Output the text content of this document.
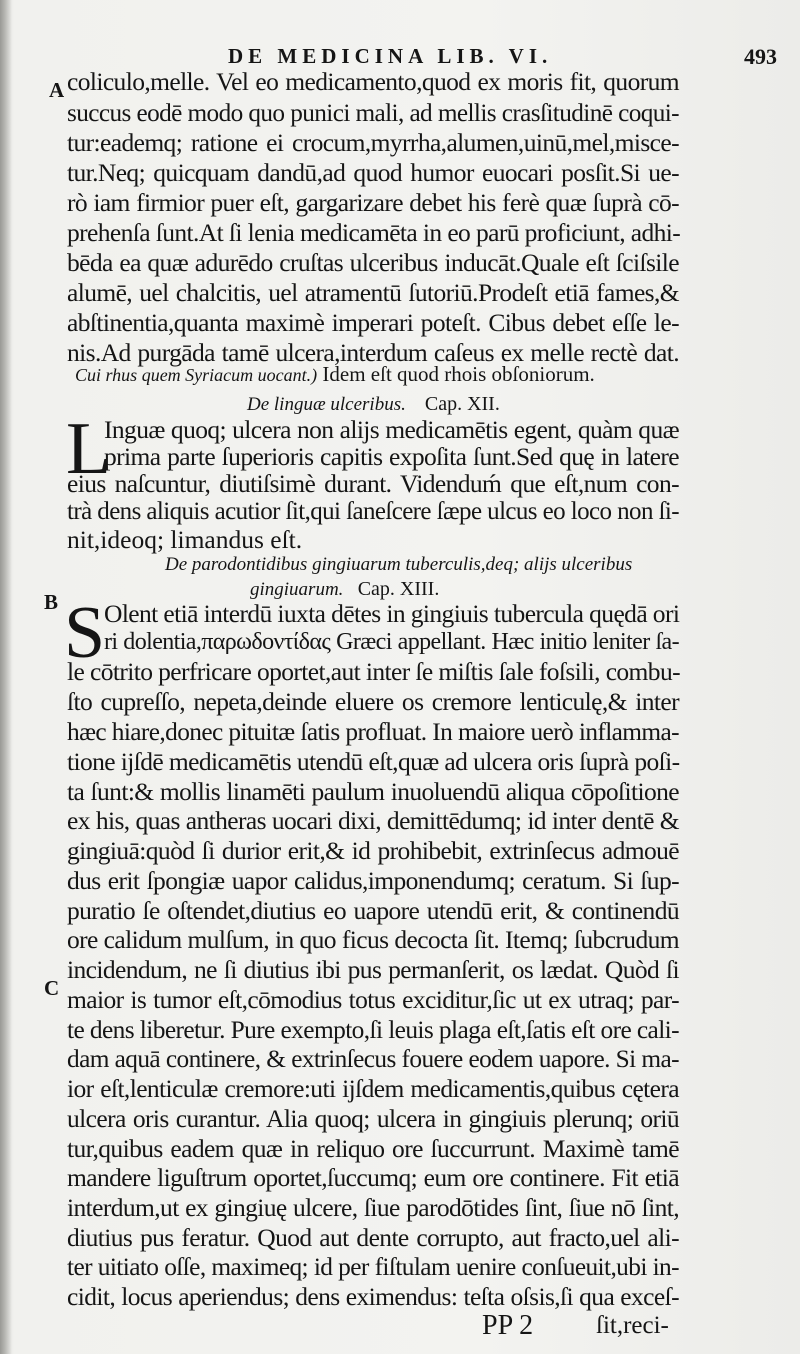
DE MEDICINA LIB. VI.	493
A
B
C
coliculo,melle. Vel eo medicamento,quod ex moris fit, quorum
succus eodē modo quo punici mali, ad mellis crasſitudinē coqui-
tur:eademq; ratione ei crocum,myrrha,alumen,uinū,mel,misce-
tur.Neq; quicquam dandū,ad quod humor euocari posſit.Si ue-
rò iam firmior puer eſt, gargarizare debet his ferè quæ ſuprà cō-
prehenſa ſunt.At ſi lenia medicamēta in eo parū proficiunt, adhi-
bēda ea quæ adurēdo cruſtas ulceribus inducāt.Quale eſt ſciſsile
alumē, uel chalcitis, uel atramentū ſutoriū.Prodeſt etiā fames,&
abſtinentia,quanta maximè imperari poteſt. Cibus debet eſſe le-
nis.Ad purgāda tamē ulcera,interdum caſeus ex melle rectè dat.
Cui rhus quem Syriacum uocant.) Idem eſt quod rhois obſoniorum.
De linguæ ulceribus. Cap. XII.
L
Inguæ quoq; ulcera non alijs medicamētis egent, quàm quæ
prima parte ſuperioris capitis expoſita ſunt.Sed quę in latere
eius naſcuntur, diutiſsimè durant. Videnduḿ que eſt,num con-
trà dens aliquis acutior ſit,qui ſaneſcere ſæpe ulcus eo loco non ſi-
nit,ideoq; limandus eſt.
De parodontidibus gingiuarum tuberculis,deq; alijs ulceribus
gingiuarum. Cap. XIII.
S
Olent etiā interdū iuxta dētes in gingiuis tubercula quędā ori
ri dolentia,παρωδοντίδας Græci appellant. Hæc initio leniter ſa-
le cōtrito perfricare oportet,aut inter ſe miſtis ſale foſsili, combu-
ſto cupreſſo, nepeta,deinde eluere os cremore lenticulę,& inter
hæc hiare,donec pituitæ ſatis profluat. In maiore uerò inflamma-
tione ijſdē medicamētis utendū eſt,quæ ad ulcera oris ſuprà poſi-
ta ſunt:& mollis linamēti paulum inuoluendū aliqua cōpoſitione
ex his, quas antheras uocari dixi, demittēdumq; id inter dentē &
gingiuā:quòd ſi durior erit,& id prohibebit, extrinſecus admouē
dus erit ſpongiæ uapor calidus,imponendumq; ceratum. Si ſup-
puratio ſe oſtendet,diutius eo uapore utendū erit, & continendū
ore calidum mulſum, in quo ficus decocta ſit. Itemq; ſubcrudum
incidendum, ne ſi diutius ibi pus permanſerit, os lædat. Quòd ſi
maior is tumor eſt,cōmodius totus exciditur,ſic ut ex utraq; par-
te dens liberetur. Pure exempto,ſi leuis plaga eſt,ſatis eſt ore cali-
dam aquā continere, & extrinſecus fouere eodem uapore. Si ma-
ior eſt,lenticulæ cremore:uti ijſdem medicamentis,quibus cętera
ulcera oris curantur. Alia quoq; ulcera in gingiuis plerunq; oriū
tur,quibus eadem quæ in reliquo ore ſuccurrunt. Maximè tamē
mandere liguſtrum oportet,ſuccumq; eum ore continere. Fit etiā
interdum,ut ex gingiuę ulcere, ſiue parodōtides ſint, ſiue nō ſint,
diutius pus feratur. Quod aut dente corrupto, aut fracto,uel ali-
ter uitiato oſſe, maximeq; id per fiſtulam uenire conſueuit,ubi in-
cidit, locus aperiendus; dens eximendus: teſta oſsis,ſi qua exceſ-
PP 2	ſit,reci-
